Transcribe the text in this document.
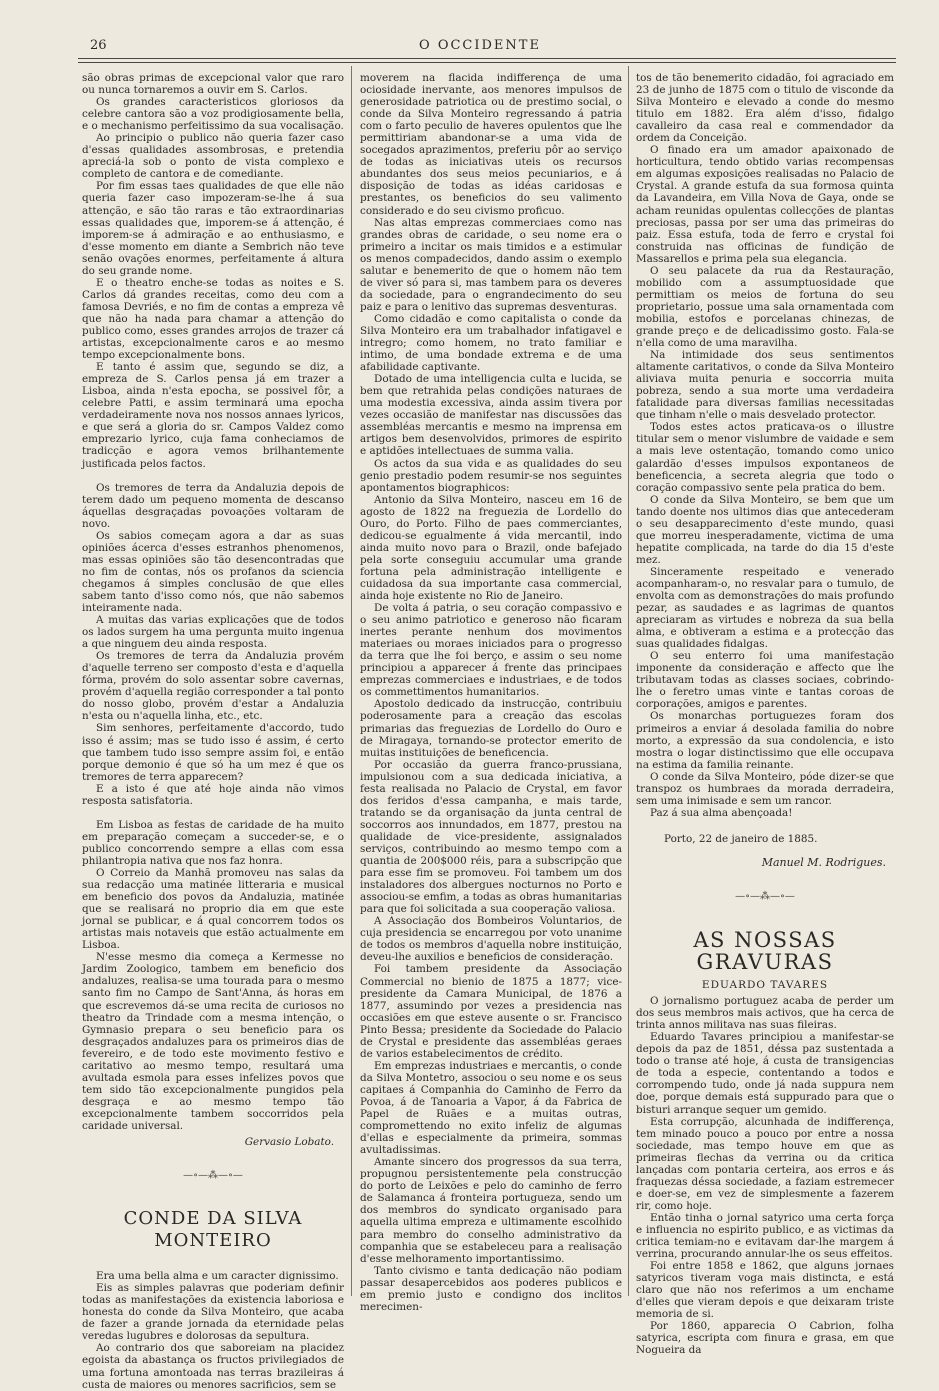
26	O OCCIDENTE

são obras primas de excepcional valor que raro ou nunca tornaremos a ouvir em S. Carlos.

Os grandes caracteristicos gloriosos da celebre cantora são a voz prodigiosamente bella, e o mechanismo perfeitissimo da sua vocalisação.

Ao principio o publico não queria fazer caso d'essas qualidades assombrosas, e pretendia apreciá-la sob o ponto de vista complexo e completo de cantora e de comediante.

Por fim essas taes qualidades de que elle não queria fazer caso impozeram-se-lhe á sua attenção, e são tão raras e tão extraordinarias essas qualidades que, imporem-se á attenção, é imporem-se á admiração e ao enthusiasmo, e d'esse momento em diante a Sembrich não teve senão ovações enormes, perfeitamente á altura do seu grande nome.

E o theatro enche-se todas as noites e S. Carlos dá grandes receitas, como deu com a famosa Devriés, e no fim de contas a empreza vê que não ha nada para chamar a attenção do publico como, esses grandes arrojos de trazer cá artistas, excepcionalmente caros e ao mesmo tempo excepcionalmente bons.

E tanto é assim que, segundo se diz, a empreza de S. Carlos pensa já em trazer a Lisboa, ainda n'esta epocha, se possivel fôr, a celebre Patti, e assim terminará uma epocha verdadeiramente nova nos nossos annaes lyricos, e que será a gloria do sr. Campos Valdez como emprezario lyrico, cuja fama conheciamos de tradicção e agora vemos brilhantemente justificada pelos factos.

Os tremores de terra da Andaluzia depois de terem dado um pequeno momenta de descanso áquellas desgraçadas povoações voltaram de novo.

Os sabios começam agora a dar as suas opiniões ácerca d'esses estranhos phenomenos, mas essas opiniões são tão desencontradas que no fim de contas, nós os profanos da sciencia chegamos á simples conclusão de que elles sabem tanto d'isso como nós, que não sabemos inteiramente nada.

A muitas das varias explicações que de todos os lados surgem ha uma pergunta muito ingenua a que ninguem deu ainda resposta.

Os tremores de terra da Andaluzia provém d'aquelle terreno ser composto d'esta e d'aquella fórma, provém do solo assentar sobre cavernas, provém d'aquella região corresponder a tal ponto do nosso globo, provém d'estar a Andaluzia n'esta ou n'aquella linha, etc., etc.

Sim senhores, perfeitamente d'accordo, tudo isso é assim; mas se tudo isso é assim, é certo que tambem tudo isso sempre assim foi, e então porque demonio é que só ha um mez é que os tremores de terra apparecem?

E a isto é que até hoje ainda não vimos resposta satisfatoria.

Em Lisboa as festas de caridade de ha muito em preparação começam a succeder-se, e o publico concorrendo sempre a ellas com essa philantropia nativa que nos faz honra.

O Correio da Manhã promoveu nas salas da sua redacção uma matinée litteraria e musical em beneficio dos povos da Andaluzia, matinée que se realisará no proprio dia em que este jornal se publicar, e á qual concorrem todos os artistas mais notaveis que estão actualmente em Lisboa.

N'esse mesmo dia começa a Kermesse no Jardim Zoologico, tambem em beneficio dos andaluzes, realisa-se uma tourada para o mesmo santo fim no Campo de Sant'Anna, ás horas em que escrevemos dá-se uma recita de curiosos no theatro da Trindade com a mesma intenção, o Gymnasio prepara o seu beneficio para os desgraçados andaluzes para os primeiros dias de fevereiro, e de todo este movimento festivo e caritativo ao mesmo tempo, resultará uma avultada esmola para esses infelizes povos que tem sido tão excepcionalmente pungidos pela desgraça e ao mesmo tempo tão excepcionalmente tambem soccorridos pela caridade universal.

Gervasio Lobato.
—∘—⁂—∘—
CONDE DA SILVA MONTEIRO

Era uma bella alma e um caracter dignissimo.

Eis as simples palavras que poderiam definir todas as manifestações da existencia laboriosa e honesta do conde da Silva Monteiro, que acaba de fazer a grande jornada da eternidade pelas veredas lugubres e dolorosas da sepultura.

Ao contrario dos que saboreiam na placidez egoista da abastança os fructos privilegiados de uma fortuna amontoada nas terras brazileiras á custa de maiores ou menores sacrificios, sem se

moverem na flacida indifferença de uma ociosidade inervante, aos menores impulsos de generosidade patriotica ou de prestimo social, o conde da Silva Monteiro regressando á patria com o farto peculio de haveres opulentos que lhe permittiriam abandonar-se a uma vida de socegados aprazimentos, preferiu pôr ao serviço de todas as iniciativas uteis os recursos abundantes dos seus meios pecuniarios, e á disposição de todas as idéas caridosas e prestantes, os beneficios do seu valimento considerado e do seu civismo proficuo.

Nas altas emprezas commerciaes como nas grandes obras de caridade, o seu nome era o primeiro a incitar os mais timidos e a estimular os menos compadecidos, dando assim o exemplo salutar e benemerito de que o homem não tem de viver só para si, mas tambem para os deveres da sociedade, para o engrandecimento do seu paiz e para o lenitivo das supremas desventuras.

Como cidadão e como capitalista o conde da Silva Monteiro era um trabalhador infatigavel e intregro; como homem, no trato familiar e intimo, de uma bondade extrema e de uma afabilidade captivante.

Dotado de uma intelligencia culta e lucida, se bem que retrahida pelas condições naturaes de uma modestia excessiva, ainda assim tivera por vezes occasião de manifestar nas discussões das assembléas mercantis e mesmo na imprensa em artigos bem desenvolvidos, primores de espirito e aptidões intellectuaes de summa valia.

Os actos da sua vida e as qualidades do seu genio prestadio podem resumir-se nos seguintes apontamentos biographicos:

Antonio da Silva Monteiro, nasceu em 16 de agosto de 1822 na freguezia de Lordello do Ouro, do Porto. Filho de paes commerciantes, dedicou-se egualmente á vida mercantil, indo ainda muito novo para o Brazil, onde bafejado pela sorte conseguiu accumular uma grande fortuna pela administração intelligente e cuidadosa da sua importante casa commercial, ainda hoje existente no Rio de Janeiro.

De volta á patria, o seu coração compassivo e o seu animo patriotico e generoso não ficaram inertes perante nenhum dos movimentos materiaes ou moraes iniciados para o progresso da terra que lhe foi berço, e assim o seu nome principiou a apparecer á frente das principaes emprezas commerciaes e industriaes, e de todos os commettimentos humanitarios.

Apostolo dedicado da instrucção, contribuiu poderosamente para a creação das escolas primarias das freguezias de Lordello do Ouro e de Miragaya, tornando-se protector emerito de muitas instituições de beneficencia.

Por occasião da guerra franco-prussiana, impulsionou com a sua dedicada iniciativa, a festa realisada no Palacio de Crystal, em favor dos feridos d'essa campanha, e mais tarde, tratando se da organisação da junta central de soccorros aos innundados, em 1877, prestou na qualidade de vice-presidente, assignalados serviços, contribuindo ao mesmo tempo com a quantia de 200$000 réis, para a subscripção que para esse fim se promoveu. Foi tambem um dos instaladores dos albergues nocturnos no Porto e associou-se emfim, a todas as obras humanitarias para que foi solicitada a sua cooperação valiosa.

A Associação dos Bombeiros Voluntarios, de cuja presidencia se encarregou por voto unanime de todos os membros d'aquella nobre instituição, deveu-lhe auxilios e beneficios de consideração.

Foi tambem presidente da Associação Commercial no bienio de 1875 a 1877; vice-presidente da Camara Municipal, de 1876 a 1877, assumindo por vezes a presidencia nas occasiões em que esteve ausente o sr. Francisco Pinto Bessa; presidente da Sociedade do Palacio de Crystal e presidente das assembléas geraes de varios estabelecimentos de crédito.

Em emprezas industriaes e mercantis, o conde da Silva Montetro, associou o seu nome e os seus capitaes á Companhia do Caminho de Ferro da Povoa, á de Tanoaria a Vapor, á da Fabrica de Papel de Ruães e a muitas outras, compromettendo no exito infeliz de algumas d'ellas e especialmente da primeira, sommas avultadissimas.

Amante sincero dos progressos da sua terra, propugnou persistentemente pela construcção do porto de Leixões e pelo do caminho de ferro de Salamanca á fronteira portugueza, sendo um dos membros do syndicato organisado para aquella ultima empreza e ultimamente escolhido para membro do conselho administrativo da companhia que se estabeleceu para a realisação d'esse melhoramento importantissimo.

Tanto civismo e tanta dedicação não podiam passar desapercebidos aos poderes publicos e em premio justo e condigno dos inclitos merecimen-

tos de tão benemerito cidadão, foi agraciado em 23 de junho de 1875 com o titulo de visconde da Silva Monteiro e elevado a conde do mesmo titulo em 1882. Era além d'isso, fidalgo cavalleiro da casa real e commendador da ordem da Conceição.

O finado era um amador apaixonado de horticultura, tendo obtido varias recompensas em algumas exposições realisadas no Palacio de Crystal. A grande estufa da sua formosa quinta da Lavandeira, em Villa Nova de Gaya, onde se acham reunidas opulentas collecções de plantas preciosas, passa por ser uma das primeiras do paiz. Essa estufa, toda de ferro e crystal foi construida nas officinas de fundição de Massarellos e prima pela sua elegancia.

O seu palacete da rua da Restauração, mobilido com a assumptuosidade que permittiam os meios de fortuna do seu proprietario, possue uma sala ornamentada com mobilia, estofos e porcelanas chinezas, de grande preço e de delicadissimo gosto. Fala-se n'ella como de uma maravilha.

Na intimidade dos seus sentimentos altamente caritativos, o conde da Silva Monteiro aliviava muita penuria e soccorria muita pobreza, sendo a sua morte uma verdadeira fatalidade para diversas familias necessitadas que tinham n'elle o mais desvelado protector.

Todos estes actos praticava-os o illustre titular sem o menor vislumbre de vaidade e sem a mais leve ostentação, tomando como unico galardão d'esses impulsos expontaneos de beneficencia, a secreta alegria que todo o coração compassivo sente pela pratica do bem.

O conde da Silva Monteiro, se bem que um tando doente nos ultimos dias que antecederam o seu desapparecimento d'este mundo, quasi que morreu inesperadamente, victima de uma hepatite complicada, na tarde do dia 15 d'este mez.

Sinceramente respeitado e venerado acompanharam-o, no resvalar para o tumulo, de envolta com as demonstrações do mais profundo pezar, as saudades e as lagrimas de quantos apreciaram as virtudes e nobreza da sua bella alma, e obtiveram a estima e a protecção das suas qualidades fidalgas.

O seu enterro foi uma manifestação imponente da consideração e affecto que lhe tributavam todas as classes sociaes, cobrindo-lhe o feretro umas vinte e tantas coroas de corporações, amigos e parentes.

Os monarchas portuguezes foram dos primeiros a enviar á desolada familia do nobre morto, a expressão da sua condolencia, e isto mostra o logar distinctissimo que elle occupava na estima da familia reinante.

O conde da Silva Monteiro, póde dizer-se que transpoz os humbraes da morada derradeira, sem uma inimisade e sem um rancor.

Paz á sua alma abençoada!

Porto, 22 de janeiro de 1885.

Manuel M. Rodrigues.
—∘—⁂—∘—
AS NOSSAS GRAVURAS
EDUARDO TAVARES

O jornalismo portuguez acaba de perder um dos seus membros mais activos, que ha cerca de trinta annos militava nas suas fileiras.

Eduardo Tavares principiou a manifestar-se depois da paz de 1851, déssa paz sustentada a todo o transe até hoje, á custa de transigencias de toda a especie, contentando a todos e corrompendo tudo, onde já nada suppura nem doe, porque demais está suppurado para que o bisturi arranque sequer um gemido.

Esta corrupção, alcunhada de indifferença, tem minado pouco a pouco por entre a nossa sociedade, mas tempo houve em que as primeiras flechas da verrina ou da critica lançadas com pontaria certeira, aos erros e ás fraquezas déssa sociedade, a faziam estremecer e doer-se, em vez de simplesmente a fazerem rir, como hoje.

Então tinha o jornal satyrico uma certa força e influencia no espirito publico, e as victimas da critica temiam-no e evitavam dar-lhe margem á verrina, procurando annular-lhe os seus effeitos.

Foi entre 1858 e 1862, que alguns jornaes satyricos tiveram voga mais distincta, e está claro que não nos referimos a um enchame d'elles que vieram depois e que deixaram triste memoria de si.

Por 1860, apparecia O Cabrion, folha satyrica, escripta com finura e grasa, em que Nogueira da
